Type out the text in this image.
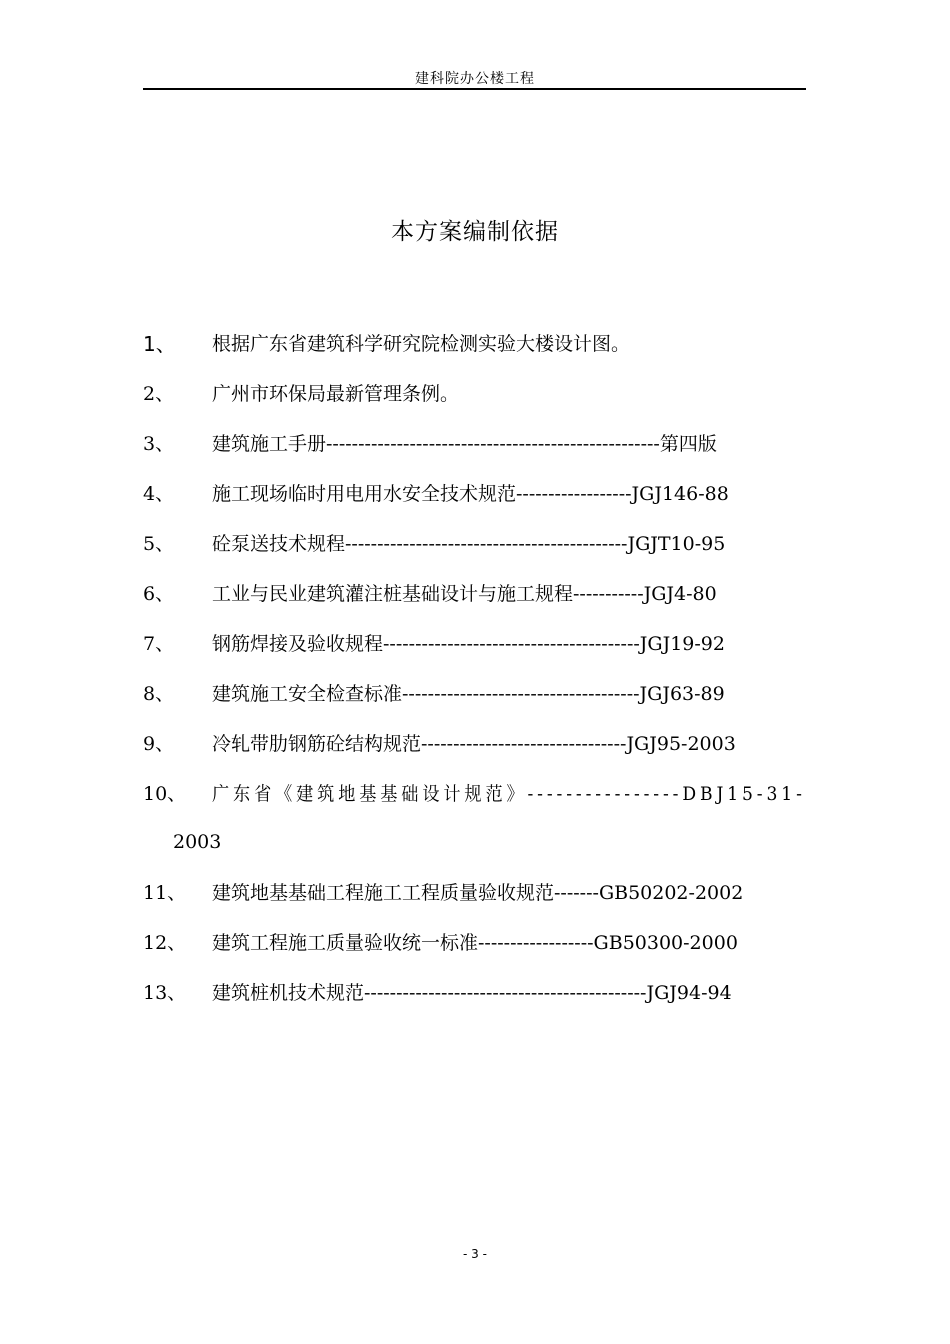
建科院办公楼工程
本方案编制依据
1、 根据广东省建筑科学研究院检测实验大楼设计图。
2、 广州市环保局最新管理条例。
3、 建筑施工手册----------------------------------------------------第四版
4、 施工现场临时用电用水安全技术规范------------------JGJ146-88
5、 砼泵送技术规程--------------------------------------------JGJT10-95
6、 工业与民业建筑灌注桩基础设计与施工规程-----------JGJ4-80
7、 钢筋焊接及验收规程----------------------------------------JGJ19-92
8、 建筑施工安全检查标准-------------------------------------JGJ63-89
9、 冷轧带肋钢筋砼结构规范--------------------------------JGJ95-2003
10、 广东省《建筑地基基础设计规范》----------------DBJ15-31-
2003
11、 建筑地基基础工程施工工程质量验收规范-------GB50202-2002
12、 建筑工程施工质量验收统一标准------------------GB50300-2000
13、 建筑桩机技术规范--------------------------------------------JGJ94-94
- 3 -
